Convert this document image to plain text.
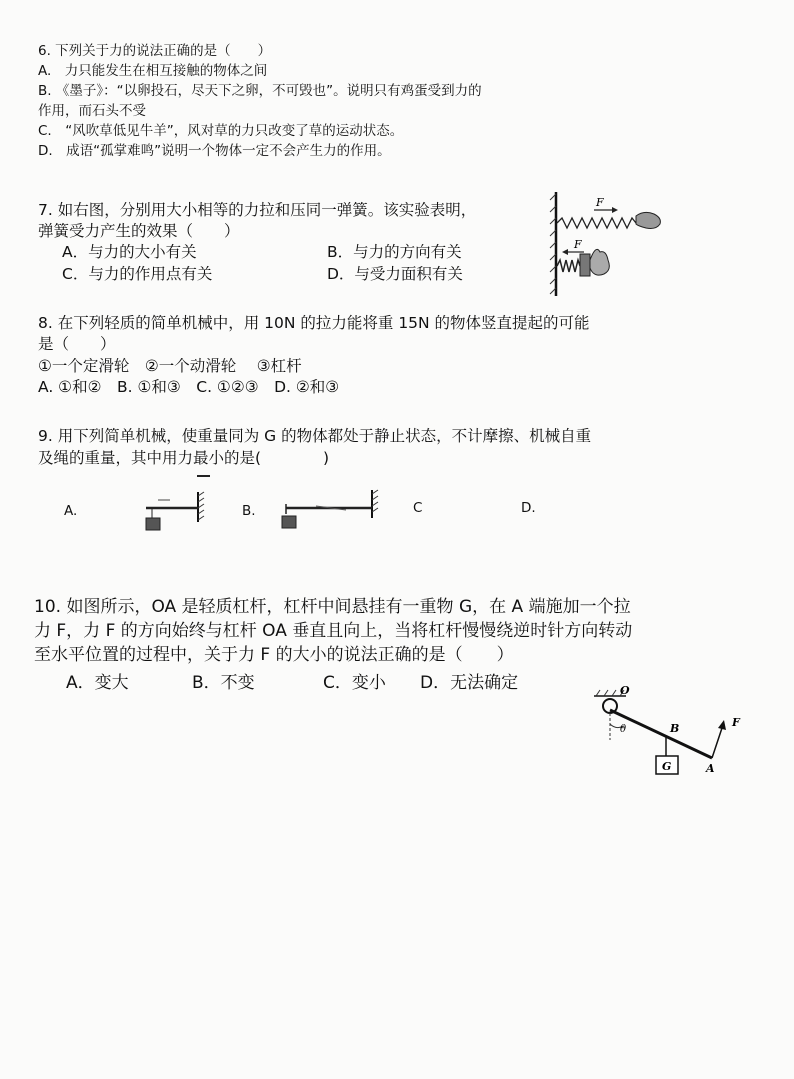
6. 下列关于力的说法正确的是（　　）
A.　力只能发生在相互接触的物体之间
B. 《墨子》：“以卵投石，尽天下之卵，不可毁也”。说明只有鸡蛋受到力的
作用，而石头不受
C.　“风吹草低见牛羊”，风对草的力只改变了草的运动状态。
D.　成语“孤掌难鸣”说明一个物体一定不会产生力的作用。
7. 如右图，分别用大小相等的力拉和压同一弹簧。该实验表明，
弹簧受力产生的效果（　　）
A．与力的大小有关	B．与力的方向有关
C．与力的作用点有关	D．与受力面积有关
F
F
8. 在下列轻质的简单机械中，用 10N 的拉力能将重 15N 的物体竖直提起的可能
是（　　）
①一个定滑轮　②一个动滑轮　 ③杠杆
A. ①和②　B. ①和③　C. ①②③　D. ②和③
9. 用下列简单机械，使重量同为 G 的物体都处于静止状态，不计摩擦、机械自重
及绳的重量，其中用力最小的是(　　　　)
A.	B.	C	D.
10. 如图所示，OA 是轻质杠杆，杠杆中间悬挂有一重物 G，在 A 端施加一个拉
力 F，力 F 的方向始终与杠杆 OA 垂直且向上，当将杠杆慢慢绕逆时针方向转动
至水平位置的过程中，关于力 F 的大小的说法正确的是（　　）
A．变大	B．不变	C．变小 D．无法确定	O
θ	B
G
F
A
